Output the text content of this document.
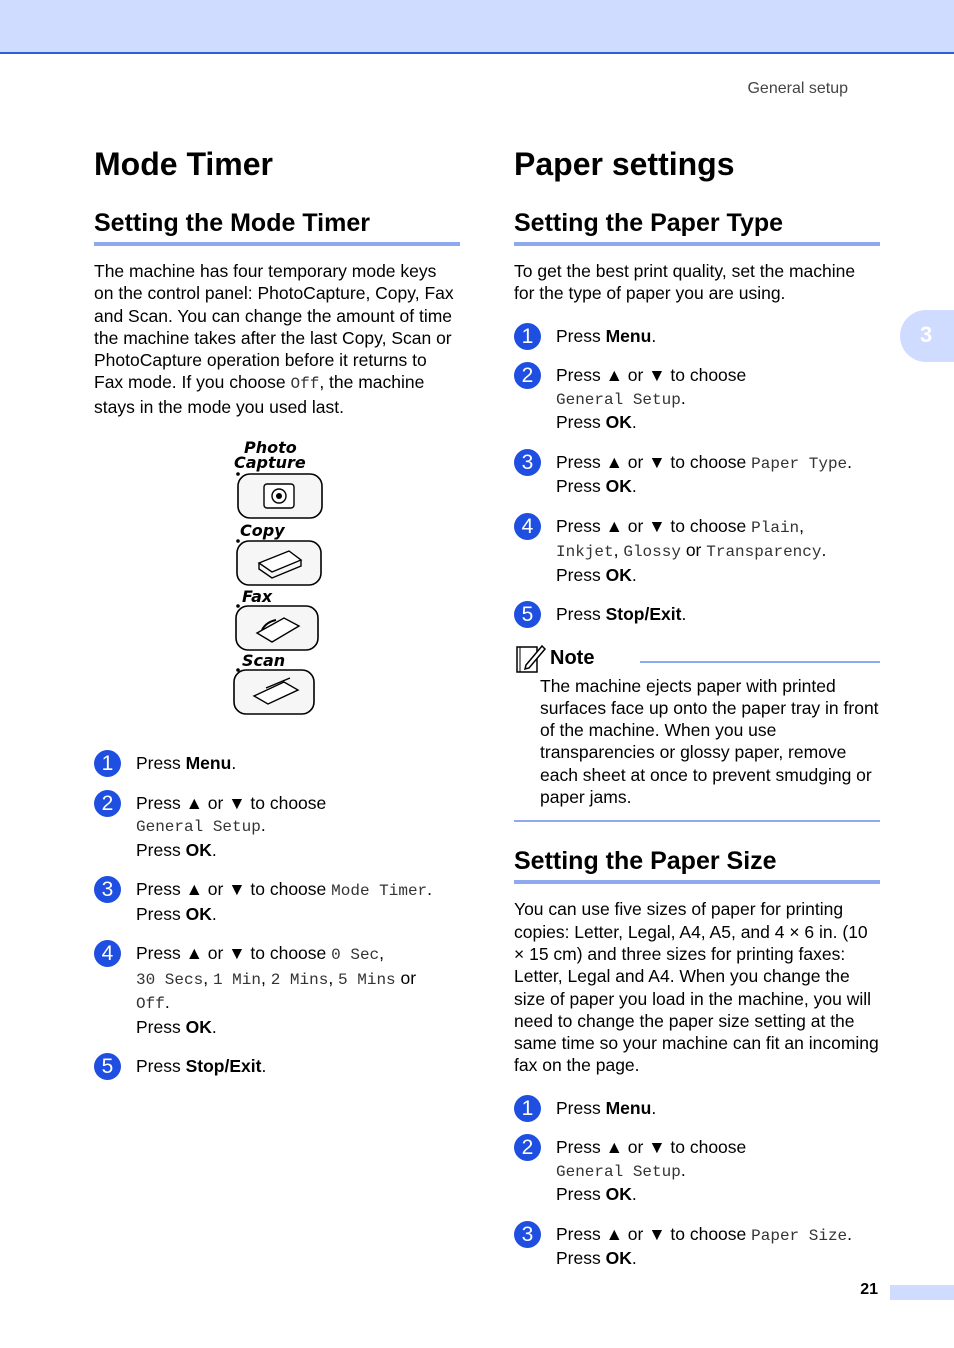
General setup
3
Mode Timer
Setting the Mode Timer

The machine has four temporary mode keys on the control panel: PhotoCapture, Copy, Fax and Scan. You can change the amount of time the machine takes after the last Copy, Scan or PhotoCapture operation before it returns to Fax mode. If you choose Off, the machine stays in the mode you used last.

Photo
Capture
Copy
Fax
Scan
1	Press Menu.
2	Press ▲ or ▼ to choose
General Setup.
Press OK.
3	Press ▲ or ▼ to choose Mode Timer.
Press OK.
4	Press ▲ or ▼ to choose 0 Sec,
30 Secs, 1 Min, 2 Mins, 5 Mins or
Off.
Press OK.
5	Press Stop/Exit.
Paper settings
Setting the Paper Type

To get the best print quality, set the machine for the type of paper you are using.

1	Press Menu.
2	Press ▲ or ▼ to choose
General Setup.
Press OK.
3	Press ▲ or ▼ to choose Paper Type.
Press OK.
4	Press ▲ or ▼ to choose Plain,
Inkjet, Glossy or Transparency.
Press OK.
5	Press Stop/Exit.
Note
The machine ejects paper with printed surfaces face up onto the paper tray in front of the machine. When you use transparencies or glossy paper, remove each sheet at once to prevent smudging or paper jams.
Setting the Paper Size

You can use five sizes of paper for printing copies: Letter, Legal, A4, A5, and 4 × 6 in. (10 × 15 cm) and three sizes for printing faxes: Letter, Legal and A4. When you change the size of paper you load in the machine, you will need to change the paper size setting at the same time so your machine can fit an incoming fax on the page.

1	Press Menu.
2	Press ▲ or ▼ to choose
General Setup.
Press OK.
3	Press ▲ or ▼ to choose Paper Size.
Press OK.
21
